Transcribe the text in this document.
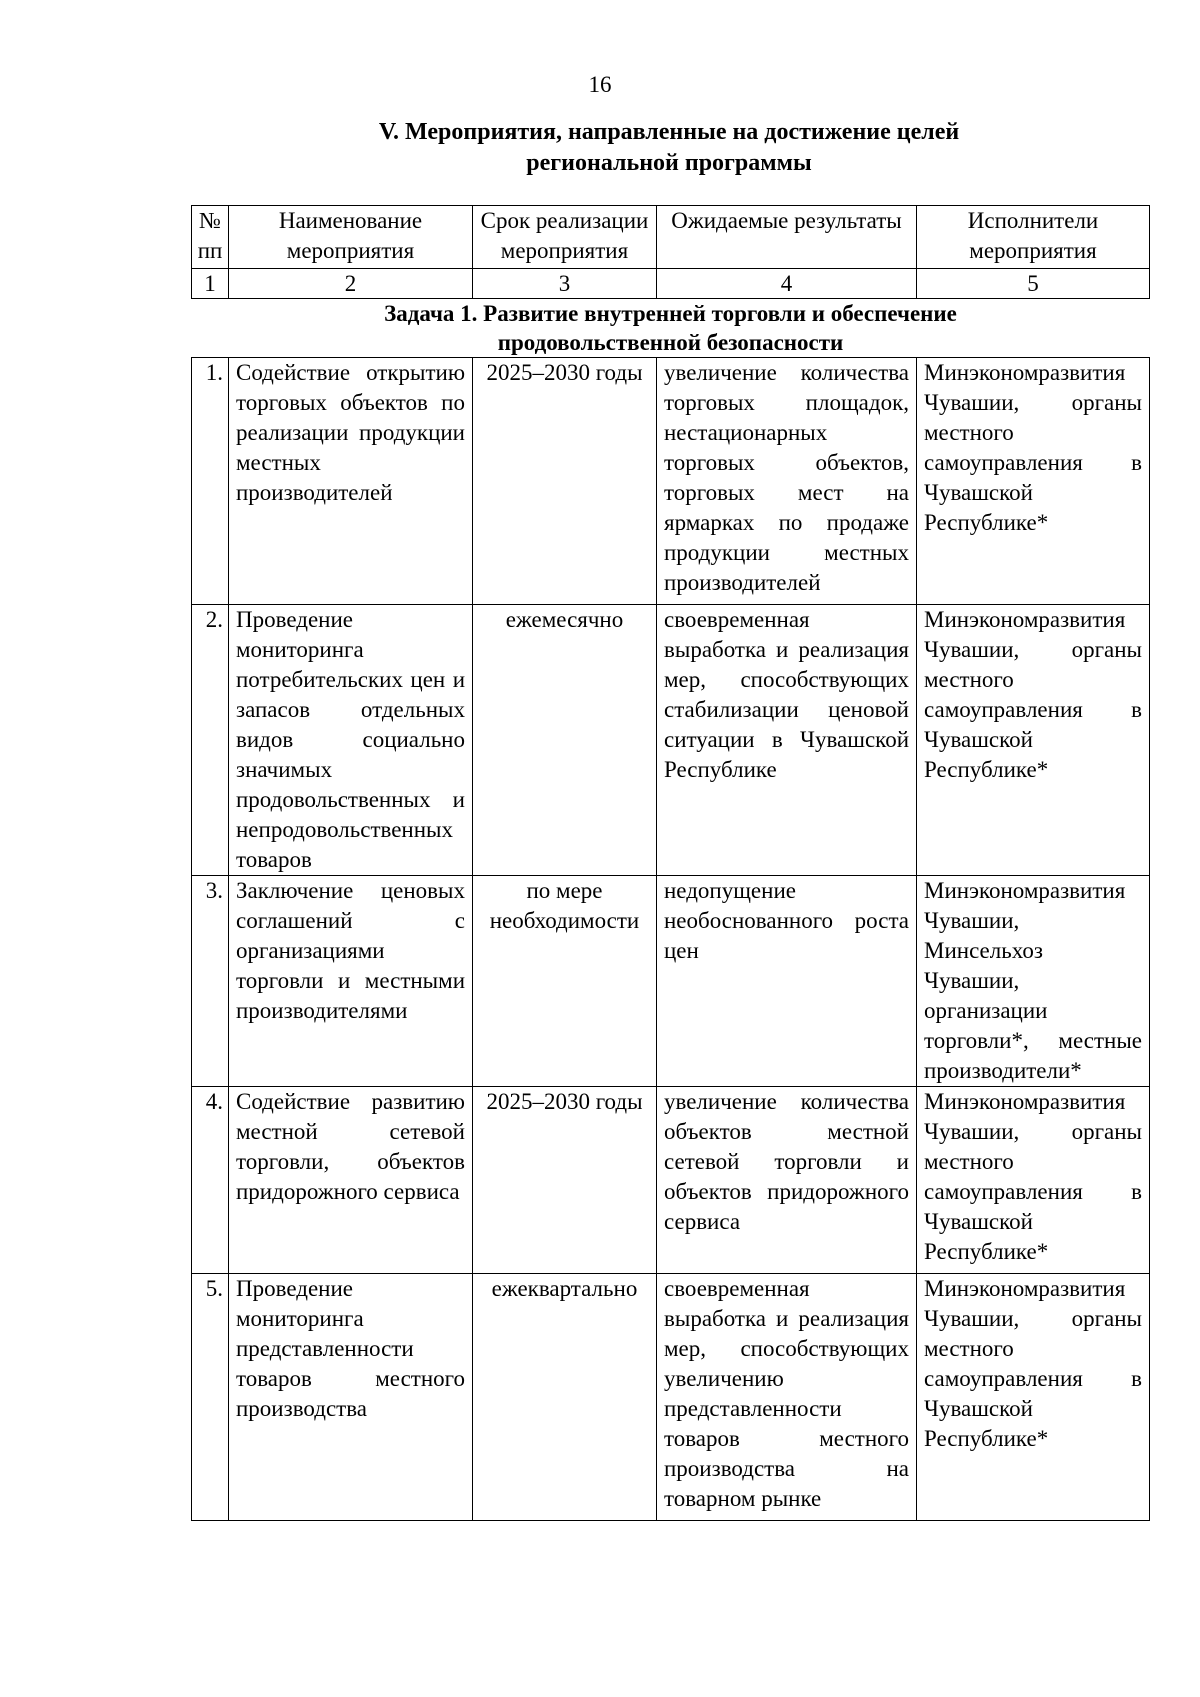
16
V. Мероприятия, направленные на достижение целей
региональной программы
№ пп	Наименование мероприятия	Срок реализации мероприятия	Ожидаемые результаты	Исполнители мероприятия
1	2	3	4	5

Задача 1. Развитие внутренней торговли и обеспечение
продовольственной безопасности				

1.	Содействие открытию торговых объектов по реализации продукции местных производителей	2025–2030 годы	увеличение количества торговых площадок, нестационарных торговых объектов, торговых мест на ярмарках по продаже продукции местных производителей	Минэкономразвития Чувашии, органы местного самоуправления в Чувашской Республике*
2.	Проведение мониторинга потребительских цен и запасов отдельных видов социально значимых продовольственных и непродовольственных товаров	ежемесячно	своевременная выработка и реализация мер, способствующих стабилизации ценовой ситуации в Чувашской Республике	Минэкономразвития Чувашии, органы местного самоуправления в Чувашской Республике*
3.	Заключение ценовых соглашений с организациями торговли и местными производителями	по мере необходимости	недопущение необоснованного роста цен	Минэкономразвития Чувашии, Минсельхоз Чувашии, организации торговли*, местные производители*
4.	Содействие развитию местной сетевой торговли, объектов придорожного сервиса	2025–2030 годы	увеличение количества объектов местной сетевой торговли и объектов придорожного сервиса	Минэкономразвития Чувашии, органы местного самоуправления в Чувашской Республике*
5.	Проведение мониторинга представленности товаров местного производства	ежеквартально	своевременная выработка и реализация мер, способствующих увеличению представленности товаров местного производства на товарном рынке	Минэкономразвития Чувашии, органы местного самоуправления в Чувашской Республике*
